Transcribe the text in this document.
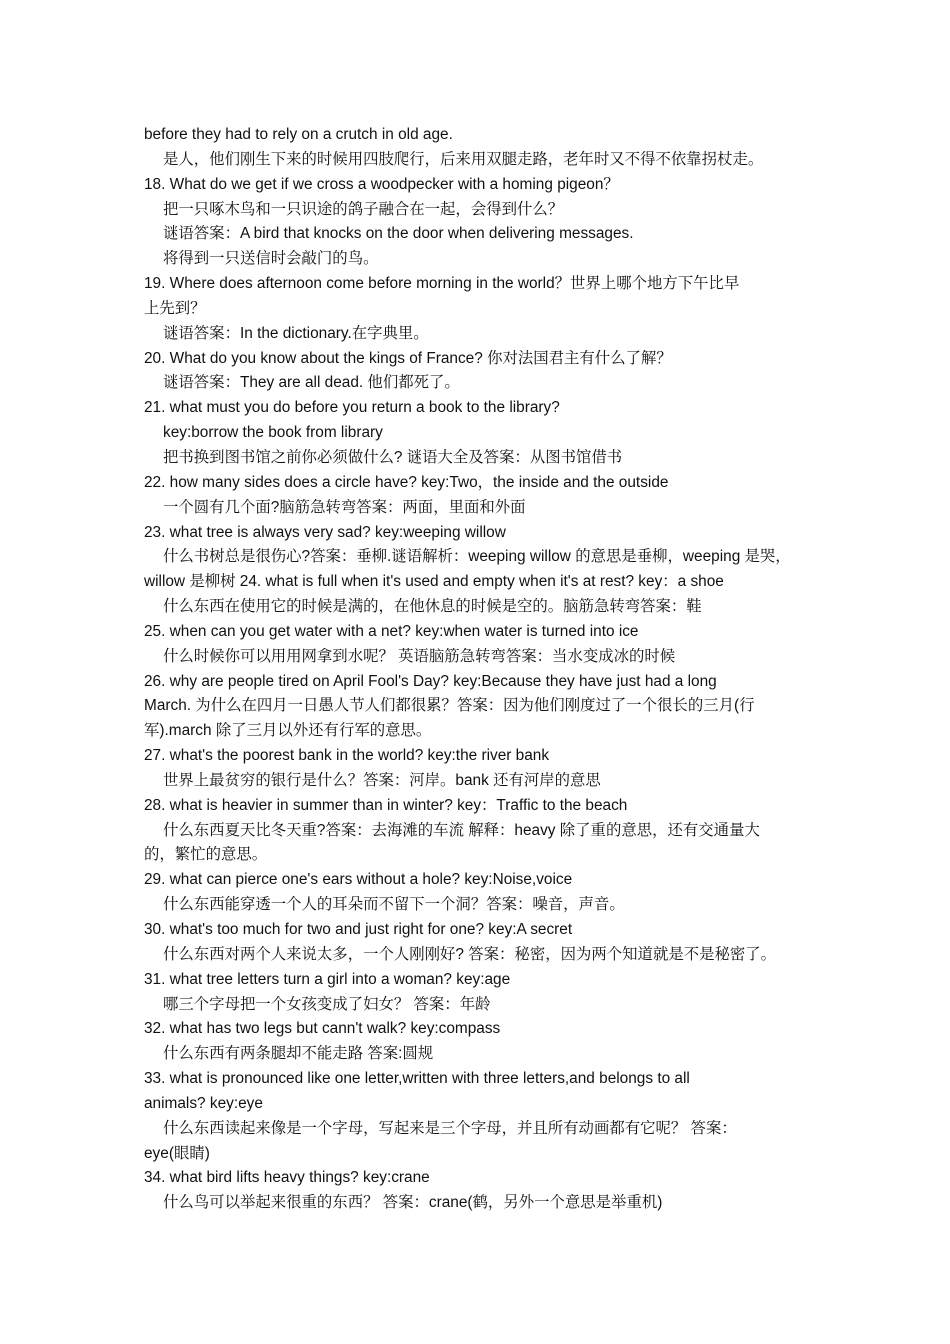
before they had to rely on a crutch in old age.
是人，他们刚生下来的时候用四肢爬行，后来用双腿走路，老年时又不得不依靠拐杖走。
18. What do we get if we cross a woodpecker with a homing pigeon？
把一只啄木鸟和一只识途的鸽子融合在一起，会得到什么？
谜语答案：A bird that knocks on the door when delivering messages.
将得到一只送信时会敲门的鸟。
19. Where does afternoon come before morning in the world？世界上哪个地方下午比早
上先到？
谜语答案：In the dictionary.在字典里。
20. What do you know about the kings of France? 你对法国君主有什么了解？
谜语答案：They are all dead. 他们都死了。
21. what must you do before you return a book to the library?
key:borrow the book from library
把书换到图书馆之前你必须做什么? 谜语大全及答案：从图书馆借书
22. how many sides does a circle have? key:Two，the inside and the outside
一个圆有几个面?脑筋急转弯答案：两面，里面和外面
23. what tree is always very sad? key:weeping willow
什么书树总是很伤心?答案：垂柳.谜语解析：weeping willow 的意思是垂柳，weeping 是哭，
willow 是柳树 24. what is full when it's used and empty when it's at rest? key：a shoe
什么东西在使用它的时候是满的，在他休息的时候是空的。脑筋急转弯答案：鞋
25. when can you get water with a net? key:when water is turned into ice
什么时候你可以用用网拿到水呢？ 英语脑筋急转弯答案：当水变成冰的时候
26. why are people tired on April Fool's Day? key:Because they have just had a long
March. 为什么在四月一日愚人节人们都很累？答案：因为他们刚度过了一个很长的三月(行
军).march 除了三月以外还有行军的意思。
27. what's the poorest bank in the world? key:the river bank
世界上最贫穷的银行是什么？答案：河岸。bank 还有河岸的意思
28. what is heavier in summer than in winter? key：Traffic to the beach
什么东西夏天比冬天重?答案：去海滩的车流 解释：heavy 除了重的意思，还有交通量大
的，繁忙的意思。
29. what can pierce one's ears without a hole? key:Noise,voice
什么东西能穿透一个人的耳朵而不留下一个洞？答案：噪音，声音。
30. what's too much for two and just right for one? key:A secret
什么东西对两个人来说太多，一个人刚刚好? 答案：秘密，因为两个知道就是不是秘密了。
31. what tree letters turn a girl into a woman? key:age
哪三个字母把一个女孩变成了妇女？ 答案：年龄
32. what has two legs but cann't walk? key:compass
什么东西有两条腿却不能走路 答案:圆规
33. what is pronounced like one letter,written with three letters,and belongs to all
animals? key:eye
什么东西读起来像是一个字母，写起来是三个字母，并且所有动画都有它呢？ 答案：
eye(眼睛)
34. what bird lifts heavy things? key:crane
什么鸟可以举起来很重的东西？ 答案：crane(鹤，另外一个意思是举重机)
